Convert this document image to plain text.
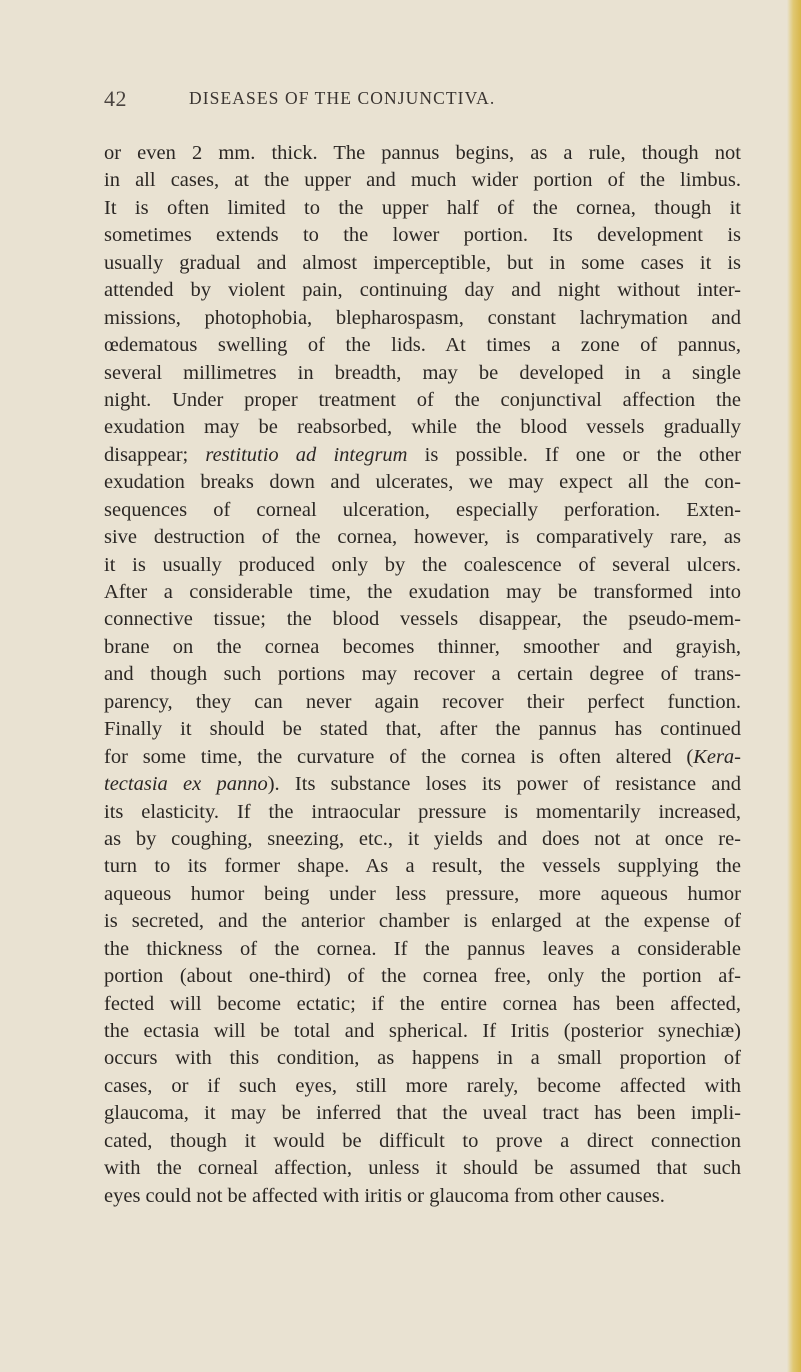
42	DISEASES OF THE CONJUNCTIVA.
or even 2 mm. thick. The pannus begins, as a rule, though not
in all cases, at the upper and much wider portion of the limbus.
It is often limited to the upper half of the cornea, though it
sometimes extends to the lower portion. Its development is
usually gradual and almost imperceptible, but in some cases it is
attended by violent pain, continuing day and night without inter-
missions, photophobia, blepharospasm, constant lachrymation and
œdematous swelling of the lids. At times a zone of pannus,
several millimetres in breadth, may be developed in a single
night. Under proper treatment of the conjunctival affection the
exudation may be reabsorbed, while the blood vessels gradually
disappear; restitutio ad integrum is possible. If one or the other
exudation breaks down and ulcerates, we may expect all the con-
sequences of corneal ulceration, especially perforation. Exten-
sive destruction of the cornea, however, is comparatively rare, as
it is usually produced only by the coalescence of several ulcers.
After a considerable time, the exudation may be transformed into
connective tissue; the blood vessels disappear, the pseudo-mem-
brane on the cornea becomes thinner, smoother and grayish,
and though such portions may recover a certain degree of trans-
parency, they can never again recover their perfect function.
Finally it should be stated that, after the pannus has continued
for some time, the curvature of the cornea is often altered (Kera-
tectasia ex panno). Its substance loses its power of resistance and
its elasticity. If the intraocular pressure is momentarily increased,
as by coughing, sneezing, etc., it yields and does not at once re-
turn to its former shape. As a result, the vessels supplying the
aqueous humor being under less pressure, more aqueous humor
is secreted, and the anterior chamber is enlarged at the expense of
the thickness of the cornea. If the pannus leaves a considerable
portion (about one-third) of the cornea free, only the portion af-
fected will become ectatic; if the entire cornea has been affected,
the ectasia will be total and spherical. If Iritis (posterior synechiæ)
occurs with this condition, as happens in a small proportion of
cases, or if such eyes, still more rarely, become affected with
glaucoma, it may be inferred that the uveal tract has been impli-
cated, though it would be difficult to prove a direct connection
with the corneal affection, unless it should be assumed that such
eyes could not be affected with iritis or glaucoma from other causes.
